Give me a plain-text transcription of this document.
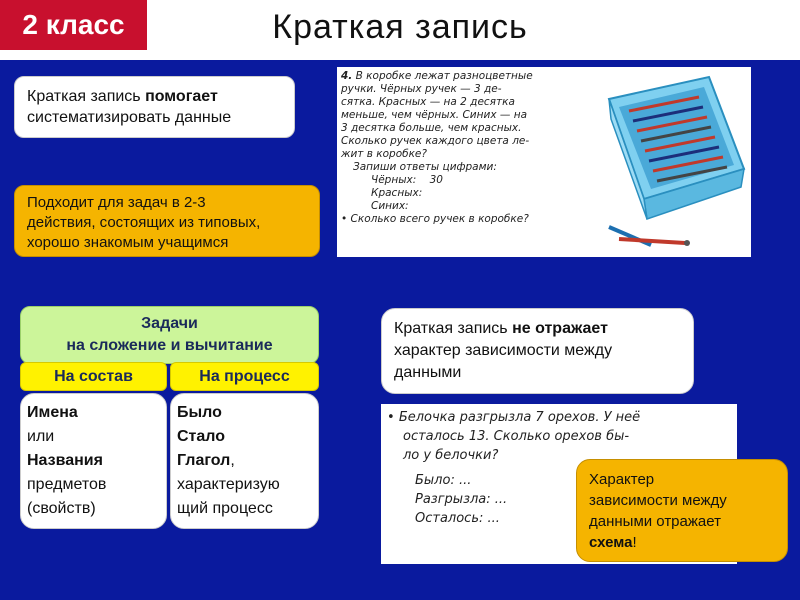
2 класс	Краткая запись
Краткая запись помогает
систематизировать данные
Подходит для задач в 2-3
действия, состоящих из типовых,
хорошо знакомым учащимся
4. В коробке лежат разноцветные
ручки. Чёрных ручек — 3 де-
сятка. Красных — на 2 десятка
меньше, чем чёрных. Синих — на
3 десятка больше, чем красных.
Сколько ручек каждого цвета ле-
жит в коробке?
Запиши ответы цифрами:
Чёрных: 30
Красных:
Синих:
• Сколько всего ручек в коробке?
Задачи
на сложение и вычитание
На состав	На процесс
Имена
или
Названия
предметов
(свойств)
Было
Стало
Глагол,
характеризую
щий процесс
Краткая запись не отражает
характер зависимости между
данными
• Белочка разгрызла 7 орехов. У неё
осталось 13. Сколько орехов бы-
ло у белочки?
Было: ...
Разгрызла: ...
Осталось: ...
Характер
зависимости между
данными отражает
схема!
